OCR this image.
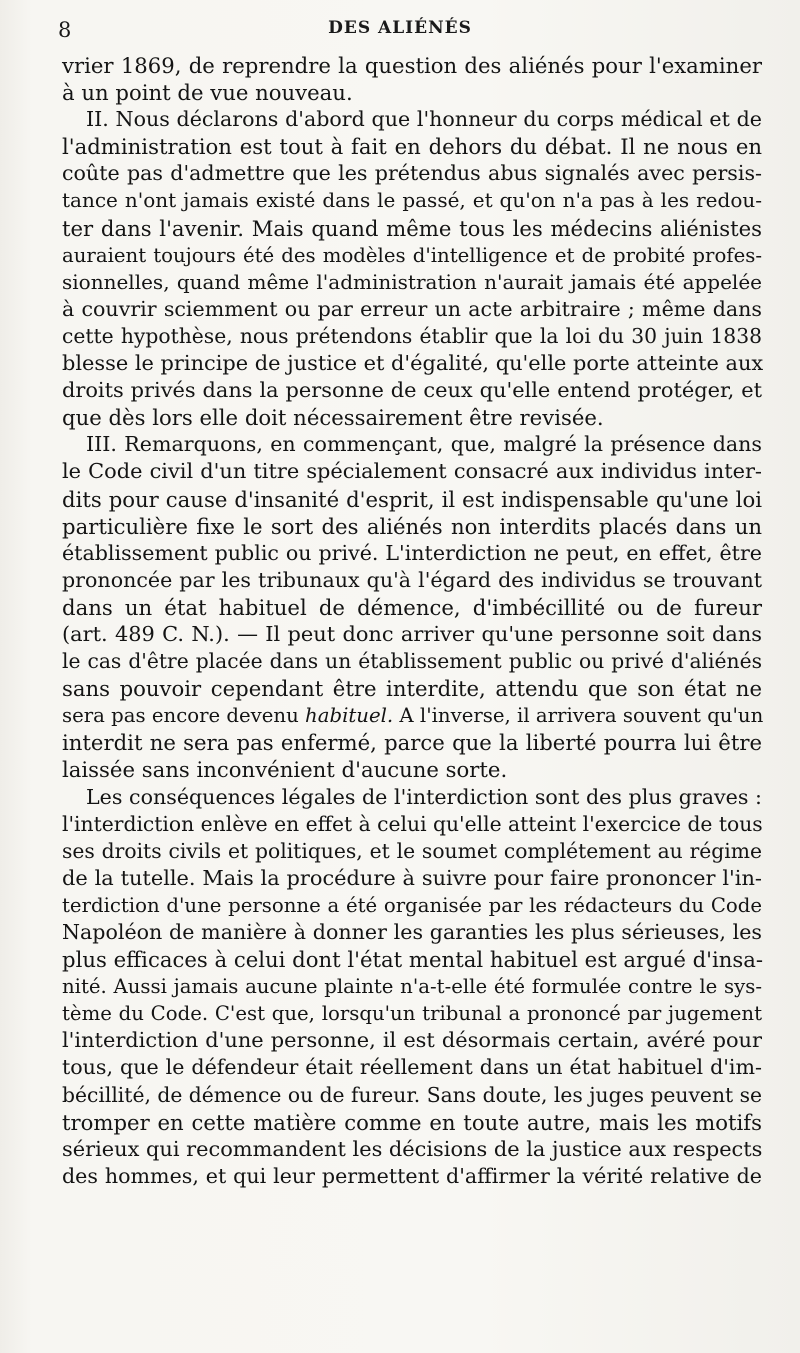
8	DES ALIÉNÉS
vrier 1869, de reprendre la question des aliénés pour l'examiner
à un point de vue nouveau.
II. Nous déclarons d'abord que l'honneur du corps médical et de
l'administration est tout à fait en dehors du débat. Il ne nous en
coûte pas d'admettre que les prétendus abus signalés avec persis-
tance n'ont jamais existé dans le passé, et qu'on n'a pas à les redou-
ter dans l'avenir. Mais quand même tous les médecins aliénistes
auraient toujours été des modèles d'intelligence et de probité profes-
sionnelles, quand même l'administration n'aurait jamais été appelée
à couvrir sciemment ou par erreur un acte arbitraire ; même dans
cette hypothèse, nous prétendons établir que la loi du 30 juin 1838
blesse le principe de justice et d'égalité, qu'elle porte atteinte aux
droits privés dans la personne de ceux qu'elle entend protéger, et
que dès lors elle doit nécessairement être revisée.
III. Remarquons, en commençant, que, malgré la présence dans
le Code civil d'un titre spécialement consacré aux individus inter-
dits pour cause d'insanité d'esprit, il est indispensable qu'une loi
particulière fixe le sort des aliénés non interdits placés dans un
établissement public ou privé. L'interdiction ne peut, en effet, être
prononcée par les tribunaux qu'à l'égard des individus se trouvant
dans un état habituel de démence, d'imbécillité ou de fureur
(art. 489 C. N.). — Il peut donc arriver qu'une personne soit dans
le cas d'être placée dans un établissement public ou privé d'aliénés
sans pouvoir cependant être interdite, attendu que son état ne
sera pas encore devenu habituel. A l'inverse, il arrivera souvent qu'un
interdit ne sera pas enfermé, parce que la liberté pourra lui être
laissée sans inconvénient d'aucune sorte.
Les conséquences légales de l'interdiction sont des plus graves :
l'interdiction enlève en effet à celui qu'elle atteint l'exercice de tous
ses droits civils et politiques, et le soumet complétement au régime
de la tutelle. Mais la procédure à suivre pour faire prononcer l'in-
terdiction d'une personne a été organisée par les rédacteurs du Code
Napoléon de manière à donner les garanties les plus sérieuses, les
plus efficaces à celui dont l'état mental habituel est argué d'insa-
nité. Aussi jamais aucune plainte n'a-t-elle été formulée contre le sys-
tème du Code. C'est que, lorsqu'un tribunal a prononcé par jugement
l'interdiction d'une personne, il est désormais certain, avéré pour
tous, que le défendeur était réellement dans un état habituel d'im-
bécillité, de démence ou de fureur. Sans doute, les juges peuvent se
tromper en cette matière comme en toute autre, mais les motifs
sérieux qui recommandent les décisions de la justice aux respects
des hommes, et qui leur permettent d'affirmer la vérité relative de
